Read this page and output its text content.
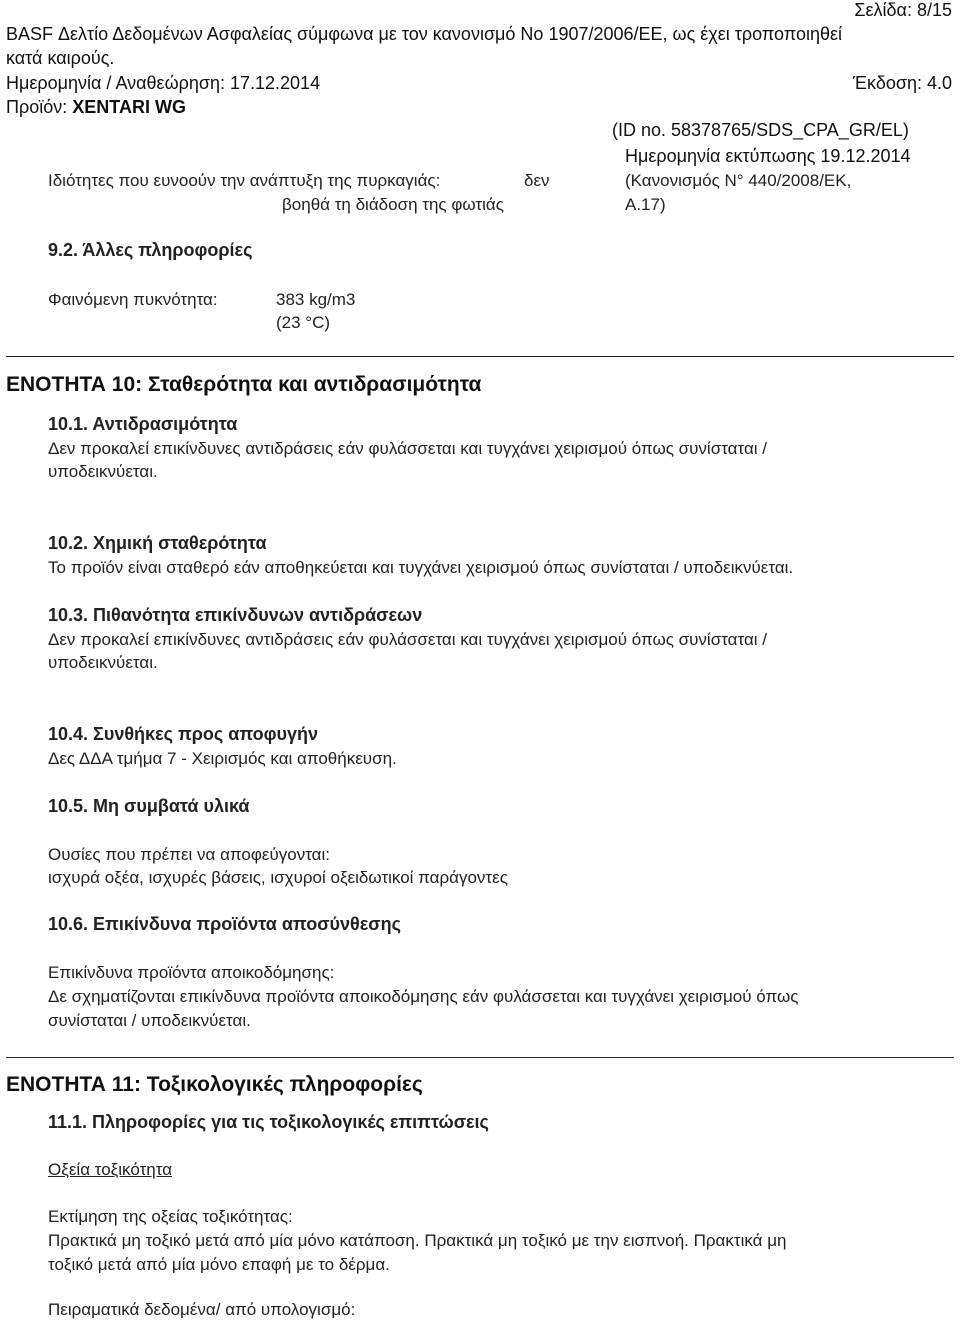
Σελίδα: 8/15
BASF Δελτίο Δεδομένων Ασφαλείας σύμφωνα με τον κανονισμό Νο 1907/2006/ΕΕ, ως έχει τροποποιηθεί
κατά καιρούς.
Ημερομηνία / Αναθεώρηση: 17.12.2014	Έκδοση: 4.0
Προϊόν: XENTARI WG
(ID no. 58378765/SDS_CPA_GR/EL)
Ημερομηνία εκτύπωσης 19.12.2014
Ιδιότητες που ευνοούν την ανάπτυξη της πυρκαγιάς:	δεν
βοηθά τη διάδοση της φωτιάς
(Κανονισμός Ν° 440/2008/ΕΚ,
A.17)
9.2. Άλλες πληροφορίες
Φαινόμενη πυκνότητα:	383 kg/m3
(23 °C)
ΕΝΟΤΗΤΑ 10: Σταθερότητα και αντιδρασιμότητα
10.1. Αντιδρασιμότητα
Δεν προκαλεί επικίνδυνες αντιδράσεις εάν φυλάσσεται και τυγχάνει χειρισμού όπως συνίσταται /
υποδεικνύεται.
10.2. Χημική σταθερότητα
Το προϊόν είναι σταθερό εάν αποθηκεύεται και τυγχάνει χειρισμού όπως συνίσταται / υποδεικνύεται.
10.3. Πιθανότητα επικίνδυνων αντιδράσεων
Δεν προκαλεί επικίνδυνες αντιδράσεις εάν φυλάσσεται και τυγχάνει χειρισμού όπως συνίσταται /
υποδεικνύεται.
10.4. Συνθήκες προς αποφυγήν
Δες ΔΔΑ τμήμα 7 - Χειρισμός και αποθήκευση.
10.5. Μη συμβατά υλικά
Ουσίες που πρέπει να αποφεύγονται:
ισχυρά οξέα, ισχυρές βάσεις, ισχυροί οξειδωτικοί παράγοντες
10.6. Επικίνδυνα προϊόντα αποσύνθεσης
Επικίνδυνα προϊόντα αποικοδόμησης:
Δε σχηματίζονται επικίνδυνα προϊόντα αποικοδόμησης εάν φυλάσσεται και τυγχάνει χειρισμού όπως
συνίσταται / υποδεικνύεται.
ΕΝΟΤΗΤΑ 11: Τοξικολογικές πληροφορίες
11.1. Πληροφορίες για τις τοξικολογικές επιπτώσεις
Οξεία τοξικότητα
Εκτίμηση της οξείας τοξικότητας:
Πρακτικά μη τοξικό μετά από μία μόνο κατάποση. Πρακτικά μη τοξικό με την εισπνοή. Πρακτικά μη
τοξικό μετά από μία μόνο επαφή με το δέρμα.
Πειραματικά δεδομένα/ από υπολογισμό:
